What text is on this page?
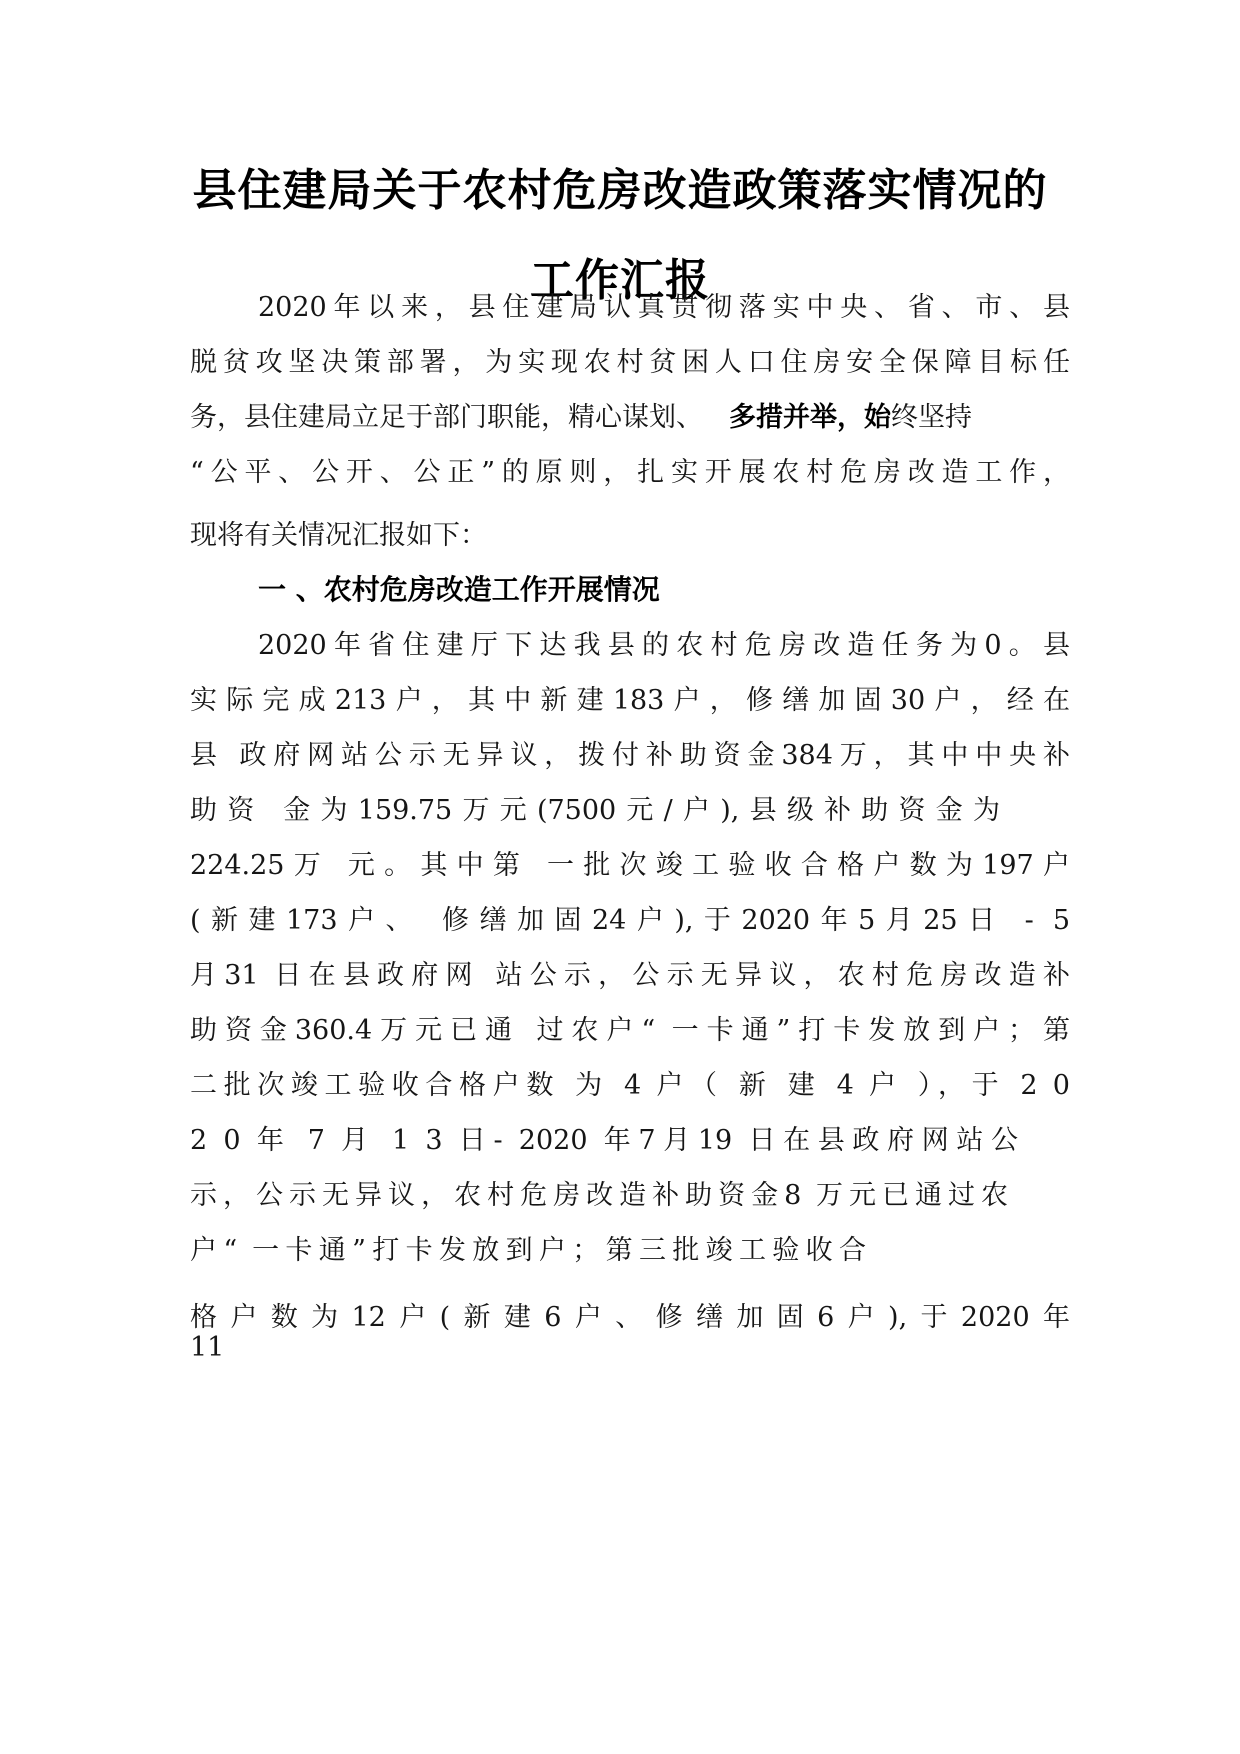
县住建局关于农村危房改造政策落实情况的
工作汇报
2020年以来，县住建局认真贯彻落实中央、省、市、县
脱贫攻坚决策部署，为实现农村贫困人口住房安全保障目标任
务，县住建局立足于部门职能，精心谋划、 多措并举，始终坚持
“公平、公开、公正”的原则，扎实开展农村危房改造工作，
现将有关情况汇报如下：
一 、农村危房改造工作开展情况
2020年省住建厅下达我县的农村危房改造任务为0。县
实际完成213户，其中新建183户，修缮加固30户，经在
县 政府网站公示无异议，拨付补助资金384万，其中中央补
助资 金为159.75万元(7500元/户),县级补助资金为
224.25万 元。其中第 一批次竣工验收合格户数为197户
(新建173户、 修缮加固24户),于2020年5月25日 - 5
月31 日在县政府网 站公示，公示无异议，农村危房改造补
助资金360.4万元已通 过农户“ 一卡通”打卡发放到户；第
二批次竣工验收合格户数 为 4 户（ 新 建 4 户 ），于 2 0
2 0 年 7 月 1 3 日- 2020 年7月19 日在县政府网站公
示，公示无异议，农村危房改造补助资金8 万元已通过农
户“ 一卡通”打卡发放到户；第三批竣工验收合
格户数为12户(新建6户、修缮加固6户),于2020年
11
